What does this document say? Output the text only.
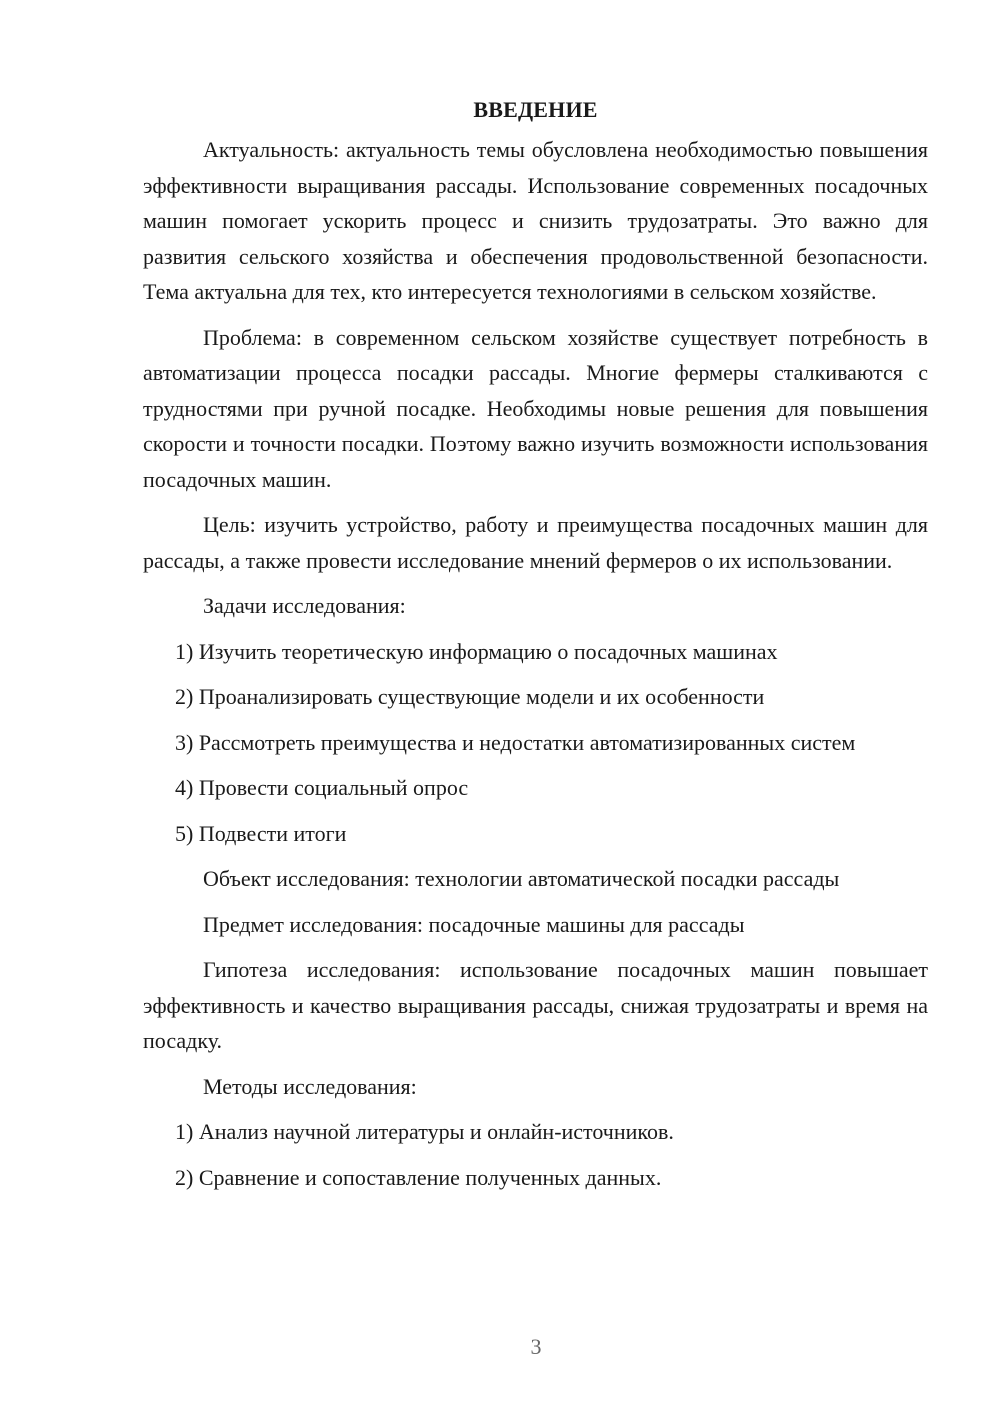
ВВЕДЕНИЕ

Актуальность: актуальность темы обусловлена необходимостью повышения эффективности выращивания рассады. Использование современных посадочных машин помогает ускорить процесс и снизить трудозатраты. Это важно для развития сельского хозяйства и обеспечения продовольственной безопасности. Тема актуальна для тех, кто интересуется технологиями в сельском хозяйстве.

Проблема: в современном сельском хозяйстве существует потребность в автоматизации процесса посадки рассады. Многие фермеры сталкиваются с трудностями при ручной посадке. Необходимы новые решения для повышения скорости и точности посадки. Поэтому важно изучить возможности использования посадочных машин.

Цель: изучить устройство, работу и преимущества посадочных машин для рассады, а также провести исследование мнений фермеров о их использовании.

Задачи исследования:

1) Изучить теоретическую информацию о посадочных машинах

2) Проанализировать существующие модели и их особенности

3) Рассмотреть преимущества и недостатки автоматизированных систем

4) Провести социальный опрос

5) Подвести итоги

Объект исследования: технологии автоматической посадки рассады

Предмет исследования: посадочные машины для рассады

Гипотеза исследования: использование посадочных машин повышает эффективность и качество выращивания рассады, снижая трудозатраты и время на посадку.

Методы исследования:

1) Анализ научной литературы и онлайн-источников.

2) Сравнение и сопоставление полученных данных.

3
